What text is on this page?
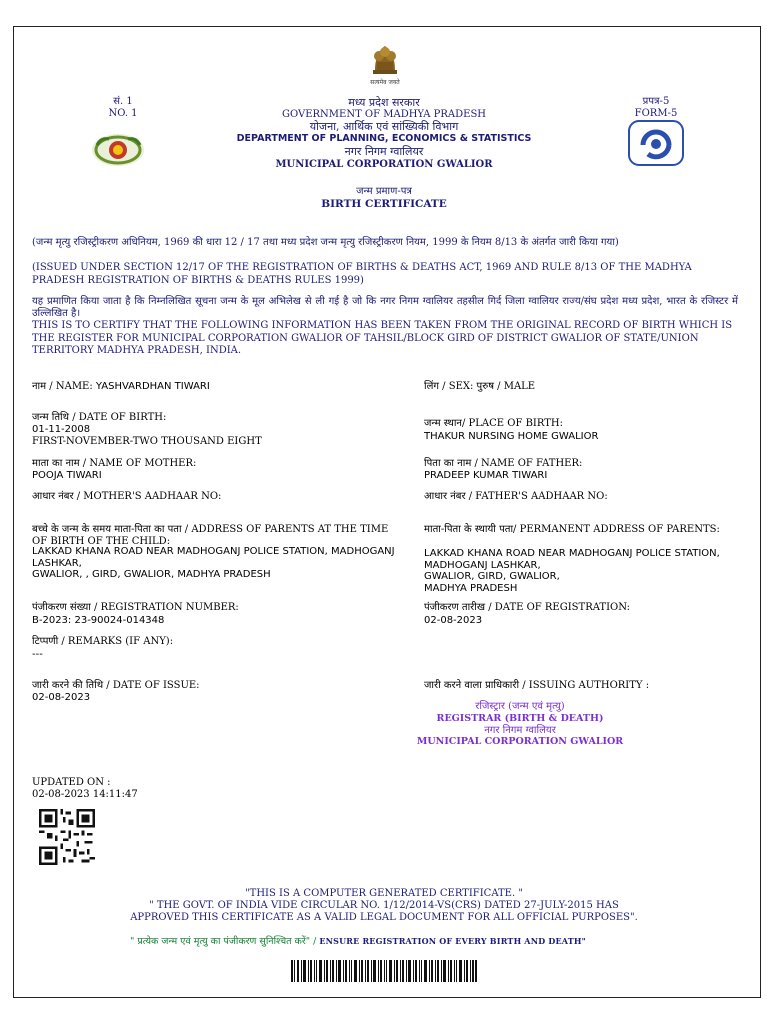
सत्यमेव जयते
सं. 1
NO. 1
प्रपत्र-5
FORM-5
मध्य प्रदेश सरकार
GOVERNMENT OF MADHYA PRADESH
योजना, आर्थिक एवं सांख्यिकी विभाग
DEPARTMENT OF PLANNING, ECONOMICS & STATISTICS
नगर निगम ग्वालियर
MUNICIPAL CORPORATION GWALIOR
जन्म प्रमाण-पत्र
BIRTH CERTIFICATE
(जन्म मृत्यु रजिस्ट्रीकरण अधिनियम, 1969 की धारा 12 / 17 तथा मध्य प्रदेश जन्म मृत्यु रजिस्ट्रीकरण नियम, 1999 के नियम 8/13 के अंतर्गत जारी किया गया)
(ISSUED UNDER SECTION 12/17 OF THE REGISTRATION OF BIRTHS & DEATHS ACT, 1969 AND RULE 8/13 OF THE MADHYA PRADESH REGISTRATION OF BIRTHS & DEATHS RULES 1999)
यह प्रमाणित किया जाता है कि निम्नलिखित सूचना जन्म के मूल अभिलेख से ली गई है जो कि नगर निगम ग्वालियर तहसील गिर्द जिला ग्वालियर राज्य/संघ प्रदेश मध्य प्रदेश, भारत के रजिस्टर में उल्लिखित है।
THIS IS TO CERTIFY THAT THE FOLLOWING INFORMATION HAS BEEN TAKEN FROM THE ORIGINAL RECORD OF BIRTH WHICH IS THE REGISTER FOR MUNICIPAL CORPORATION GWALIOR OF TAHSIL/BLOCK GIRD OF DISTRICT GWALIOR OF STATE/UNION TERRITORY MADHYA PRADESH, INDIA.
नाम / NAME: YASHVARDHAN TIWARI	लिंग / SEX: पुरुष / MALE
जन्म तिथि / DATE OF BIRTH:
01-11-2008
FIRST-NOVEMBER-TWO THOUSAND EIGHT
जन्म स्थान/ PLACE OF BIRTH:
THAKUR NURSING HOME GWALIOR
माता का नाम / NAME OF MOTHER:
POOJA TIWARI
पिता का नाम / NAME OF FATHER:
PRADEEP KUMAR TIWARI
आधार नंबर / MOTHER'S AADHAAR NO:	आधार नंबर / FATHER'S AADHAAR NO:
बच्चे के जन्म के समय माता-पिता का पता / ADDRESS OF PARENTS AT THE TIME OF BIRTH OF THE CHILD:
LAKKAD KHANA ROAD NEAR MADHOGANJ POLICE STATION, MADHOGANJ LASHKAR,
GWALIOR, , GIRD, GWALIOR, MADHYA PRADESH
माता-पिता के स्थायी पता/ PERMANENT ADDRESS OF PARENTS:
LAKKAD KHANA ROAD NEAR MADHOGANJ POLICE STATION,
MADHOGANJ LASHKAR,
GWALIOR, GIRD, GWALIOR,
MADHYA PRADESH
पंजीकरण संख्या / REGISTRATION NUMBER:
B-2023: 23-90024-014348
पंजीकरण तारीख / DATE OF REGISTRATION:
02-08-2023
टिप्पणी / REMARKS (IF ANY):
---
जारी करने की तिथि / DATE OF ISSUE:
02-08-2023
जारी करने वाला प्राधिकारी / ISSUING AUTHORITY :
रजिस्ट्रार (जन्म एवं मृत्यु)
REGISTRAR (BIRTH & DEATH)
नगर निगम ग्वालियर
MUNICIPAL CORPORATION GWALIOR
UPDATED ON :
02-08-2023 14:11:47
"THIS IS A COMPUTER GENERATED CERTIFICATE. "
" THE GOVT. OF INDIA VIDE CIRCULAR NO. 1/12/2014-VS(CRS) DATED 27-JULY-2015 HAS
APPROVED THIS CERTIFICATE AS A VALID LEGAL DOCUMENT FOR ALL OFFICIAL PURPOSES".
" प्रत्येक जन्म एवं मृत्यु का पंजीकरण सुनिश्चित करें" / ENSURE REGISTRATION OF EVERY BIRTH AND DEATH"
